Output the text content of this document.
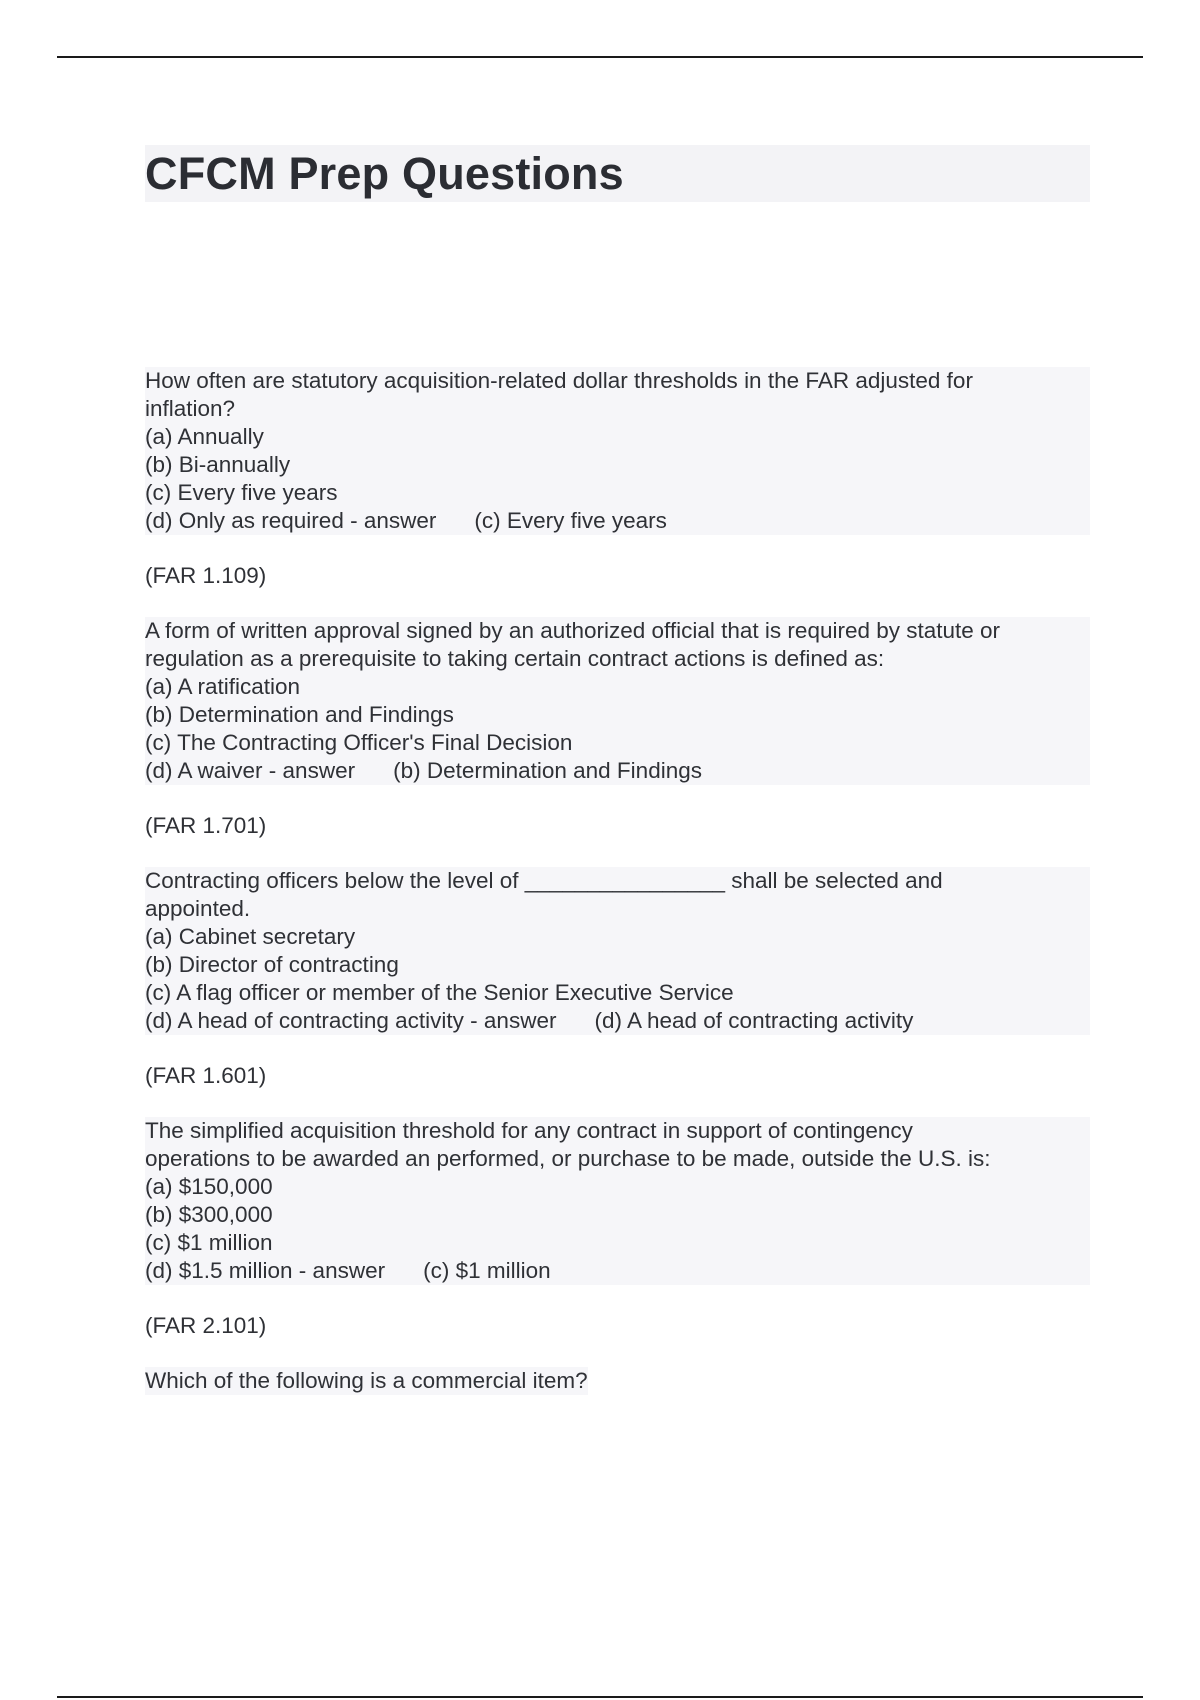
CFCM Prep Questions
How often are statutory acquisition-related dollar thresholds in the FAR adjusted for
inflation?
(a) Annually
(b) Bi-annually
(c) Every five years
(d) Only as required - answer (c) Every five years
(FAR 1.109)
A form of written approval signed by an authorized official that is required by statute or
regulation as a prerequisite to taking certain contract actions is defined as:
(a) A ratification
(b) Determination and Findings
(c) The Contracting Officer's Final Decision
(d) A waiver - answer (b) Determination and Findings
(FAR 1.701)
Contracting officers below the level of ________________ shall be selected and
appointed.
(a) Cabinet secretary
(b) Director of contracting
(c) A flag officer or member of the Senior Executive Service
(d) A head of contracting activity - answer (d) A head of contracting activity
(FAR 1.601)
The simplified acquisition threshold for any contract in support of contingency
operations to be awarded an performed, or purchase to be made, outside the U.S. is:
(a) $150,000
(b) $300,000
(c) $1 million
(d) $1.5 million - answer (c) $1 million
(FAR 2.101)
Which of the following is a commercial item?
